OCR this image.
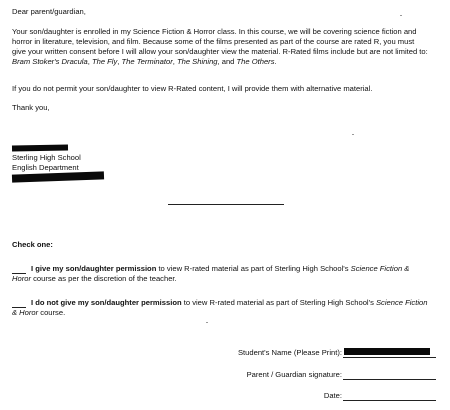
Dear parent/guardian,

Your son/daughter is enrolled in my Science Fiction & Horror class. In this course, we will be covering science fiction and horror in literature, television, and film. Because some of the films presented as part of the course are rated R, you must give your written consent before I will allow your son/daughter view the material. R-Rated films include but are not limited to: Bram Stoker's Dracula, The Fly, The Terminator, The Shining, and The Others.

If you do not permit your son/daughter to view R-Rated content, I will provide them with alternative material.

Thank you,

Sterling High School

English Department

Check one:

I give my son/daughter permission to view R-rated material as part of Sterling High School's Science Fiction & Horor course as per the discretion of the teacher.

I do not give my son/daughter permission to view R-rated material as part of Sterling High School's Science Fiction & Horor course.

Student's Name (Please Print):

Parent / Guardian signature:

Date:
